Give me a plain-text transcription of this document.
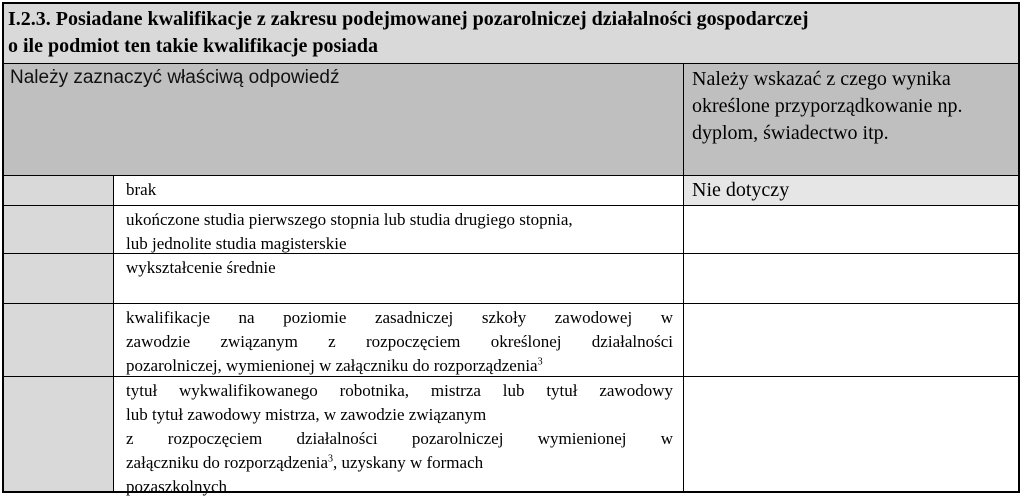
I.2.3. Posiadane kwalifikacje z zakresu podejmowanej pozarolniczej działalności gospodarczej
o ile podmiot ten takie kwalifikacje posiada
Należy zaznaczyć właściwą odpowiedź	Należy wskazać z czego wynika określone przyporządkowanie np. dyplom, świadectwo itp.
brak	Nie dotyczy
ukończone studia pierwszego stopnia lub studia drugiego stopnia,
lub jednolite studia magisterskie
wykształcenie średnie
kwalifikacje na poziomie zasadniczej szkoły zawodowej w
zawodzie związanym z rozpoczęciem określonej działalności
pozarolniczej, wymienionej w załączniku do rozporządzenia$^3$
tytuł wykwalifikowanego robotnika, mistrza lub tytuł zawodowy
lub tytuł zawodowy mistrza, w zawodzie związanym
z rozpoczęciem działalności pozarolniczej wymienionej w
załączniku do rozporządzenia$^3$, uzyskany w formach
pozaszkolnych
